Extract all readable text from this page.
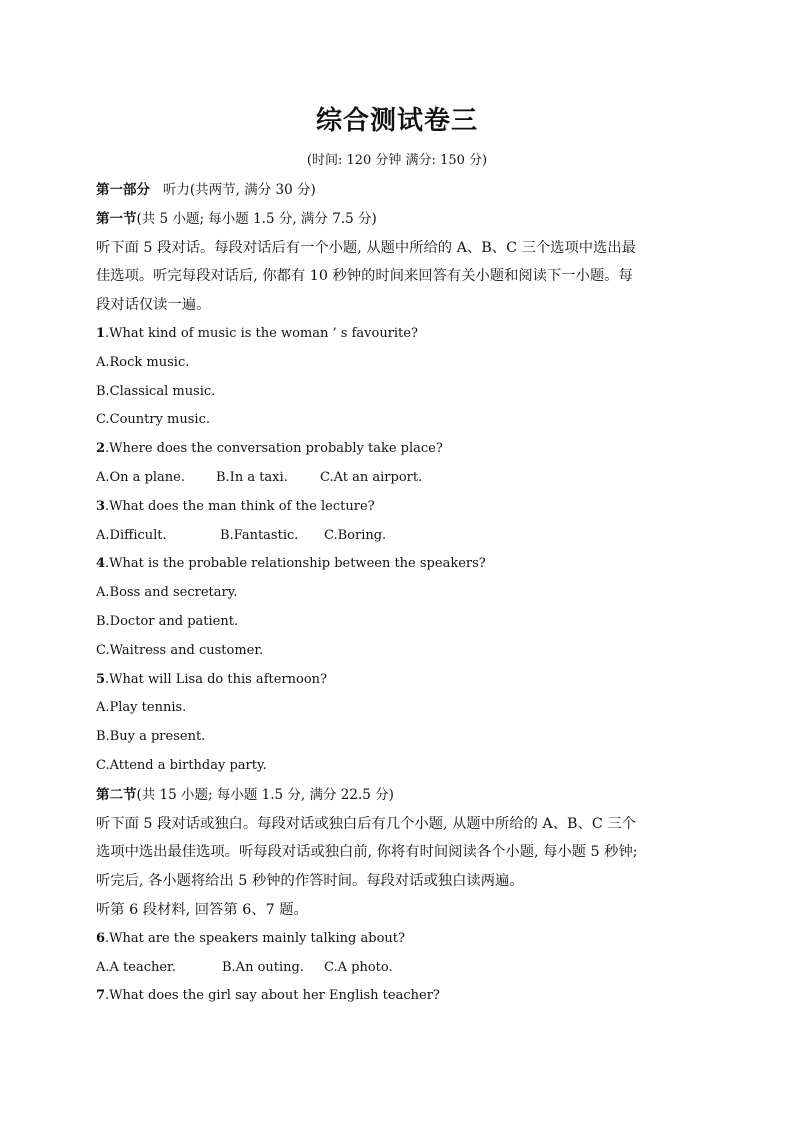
综合测试卷三
(时间: 120 分钟 满分: 150 分)
第一部分 听力(共两节, 满分 30 分)
第一节(共 5 小题; 每小题 1.5 分, 满分 7.5 分)
听下面 5 段对话。每段对话后有一个小题, 从题中所给的 A、B、C 三个选项中选出最
佳选项。听完每段对话后, 你都有 10 秒钟的时间来回答有关小题和阅读下一小题。每
段对话仅读一遍。
1.What kind of music is the woman ’ s favourite?
A.Rock music.
B.Classical music.
C.Country music.
2.Where does the conversation probably take place?
A.On a plane. B.In a taxi. C.At an airport.
3.What does the man think of the lecture?
A.Difficult.	B.Fantastic. C.Boring.
4.What is the probable relationship between the speakers?
A.Boss and secretary.
B.Doctor and patient.
C.Waitress and customer.
5.What will Lisa do this afternoon?
A.Play tennis.
B.Buy a present.
C.Attend a birthday party.
第二节(共 15 小题; 每小题 1.5 分, 满分 22.5 分)
听下面 5 段对话或独白。每段对话或独白后有几个小题, 从题中所给的 A、B、C 三个
选项中选出最佳选项。听每段对话或独白前, 你将有时间阅读各个小题, 每小题 5 秒钟;
听完后, 各小题将给出 5 秒钟的作答时间。每段对话或独白读两遍。
听第 6 段材料, 回答第 6、7 题。
6.What are the speakers mainly talking about?
A.A teacher.	B.An outing. C.A photo.
7.What does the girl say about her English teacher?
